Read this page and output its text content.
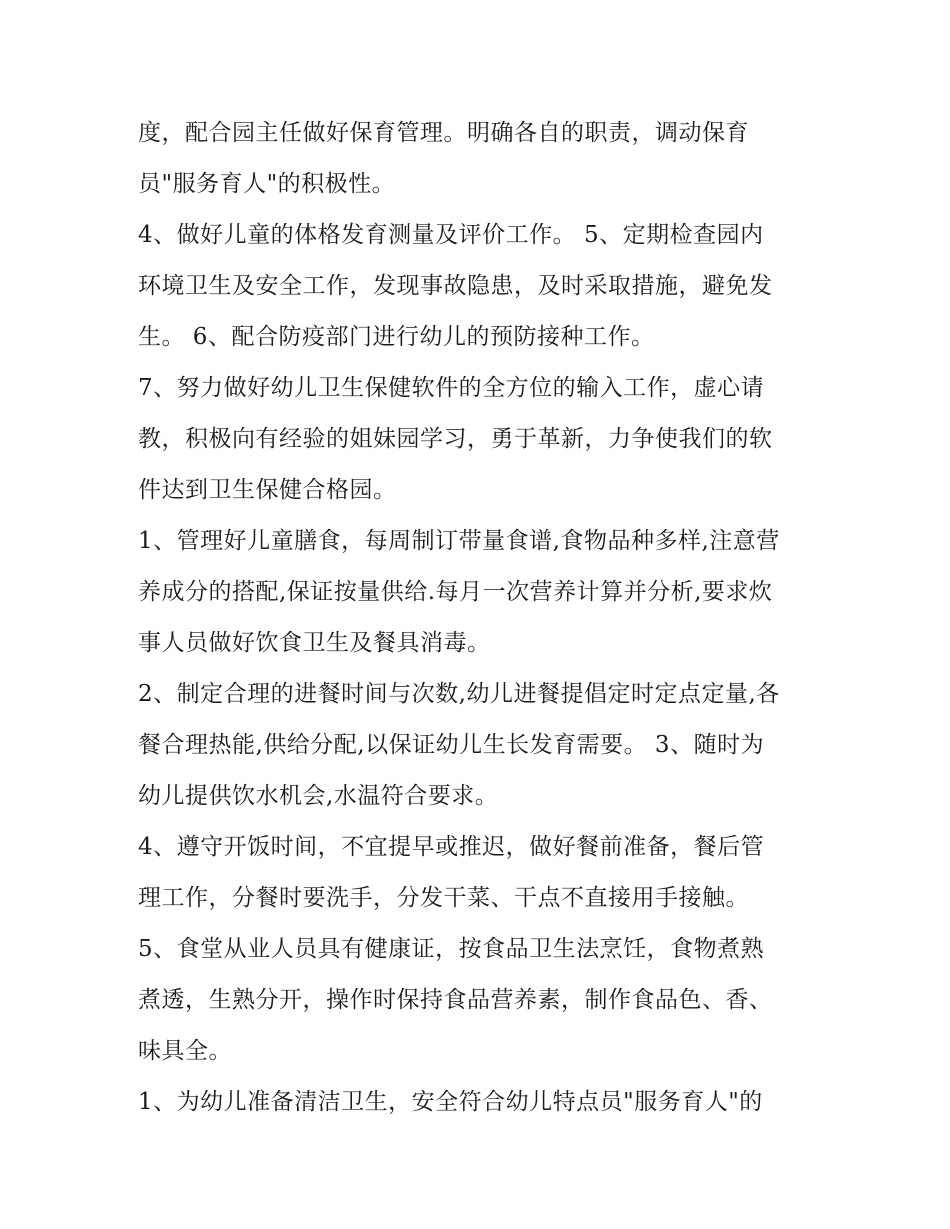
度，配合园主任做好保育管理。明确各自的职责，调动保育
员"服务育人"的积极性。

4、做好儿童的体格发育测量及评价工作。 5、定期检查园内
环境卫生及安全工作，发现事故隐患，及时采取措施，避免发
生。 6、配合防疫部门进行幼儿的预防接种工作。

7、努力做好幼儿卫生保健软件的全方位的输入工作，虚心请
教，积极向有经验的姐妹园学习，勇于革新，力争使我们的软
件达到卫生保健合格园。

1、管理好儿童膳食，每周制订带量食谱,食物品种多样,注意营
养成分的搭配,保证按量供给.每月一次营养计算并分析,要求炊
事人员做好饮食卫生及餐具消毒。

2、制定合理的进餐时间与次数,幼儿进餐提倡定时定点定量,各
餐合理热能,供给分配,以保证幼儿生长发育需要。 3、随时为
幼儿提供饮水机会,水温符合要求。

4、遵守开饭时间，不宜提早或推迟，做好餐前准备，餐后管
理工作，分餐时要洗手，分发干菜、干点不直接用手接触。

5、食堂从业人员具有健康证，按食品卫生法烹饪，食物煮熟
煮透，生熟分开，操作时保持食品营养素，制作食品色、香、
味具全。

1、为幼儿准备清洁卫生，安全符合幼儿特点员"服务育人"的
